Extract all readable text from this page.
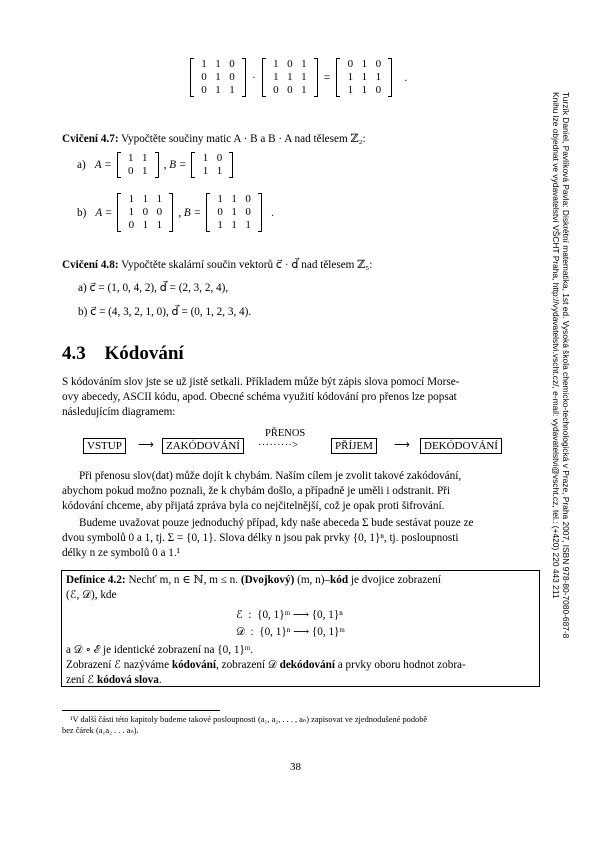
Turzík Daniel, Pavlíková Pavla: Diskrétní matematika, 1st ed. Vysoká škola chemicko-technologická v Praze, Praha 2007, ISBN 978-80-7080-687-8
Knihu lze objednat ve vydavatelství VŠCHT Praha, http://vydavatelstvi.vscht.cz/, e-mail: vydavatelstvi@vscht.cz, tel.: (+420) 220 443 211
1 1 0
0 1 0
0 1 1
·
1 0 1
1 1 1
0 0 1
=
0 1 0
1 1 1
1 1 0
.
Cvičení 4.7: Vypočtěte součiny matic A · B a B · A nad tělesem ℤ₂:
a) A =
1 1
0 1	, B =
1 0
1 1
b) A =
1 1 1
1 0 0
0 1 1
, B =
1 1 0
0 1 0
1 1 1
.
Cvičení 4.8: Vypočtěte skalární součin vektorů c⃗ · d⃗ nad tělesem ℤ₅:
a) c⃗ = (1, 0, 4, 2), d⃗ = (2, 3, 2, 4),
b) c⃗ = (4, 3, 2, 1, 0), d⃗ = (0, 1, 2, 3, 4).
4.3 Kódování
S kódováním slov jste se už jistě setkali. Příkladem může být zápis slova pomocí Morse-
ovy abecedy, ASCII kódu, apod. Obecné schéma využití kódování pro přenos lze popsat
následujícím diagramem:
VSTUP	⟶	ZAKÓDOVÁNÍ
PŘENOS
·········>	PŘÍJEM	⟶	DEKÓDOVÁNÍ
Při přenosu slov(dat) může dojít k chybám. Naším cílem je zvolit takové zakódování,
abychom pokud možno poznali, že k chybám došlo, a případně je uměli i odstranit. Při
kódování chceme, aby přijatá zpráva byla co nejčitelnější, což je opak proti šifrování.
Budeme uvažovat pouze jednoduchý případ, kdy naše abeceda Σ bude sestávat pouze ze
dvou symbolů 0 a 1, tj. Σ = {0, 1}. Slova délky n jsou pak prvky {0, 1}ⁿ, tj. posloupnosti
délky n ze symbolů 0 a 1.¹
Definice 4.2: Nechť m, n ∈ ℕ, m ≤ n. (Dvojkový) (m, n)–kód je dvojice zobrazení
(ℰ, 𝒟), kde
ℰ  :  {0, 1}ᵐ ⟶ {0, 1}ⁿ
𝒟  :  {0, 1}ⁿ ⟶ {0, 1}ᵐ
a 𝒟 ∘ ℰ je identické zobrazení na {0, 1}ᵐ.
Zobrazení ℰ nazýváme kódování, zobrazení 𝒟 dekódování a prvky oboru hodnot zobra-
zení ℰ kódová slova.
¹V další části této kapitoly budeme takové posloupnosti (a₁, a₂, . . . , aₙ) zapisovat ve zjednodušené podobě
bez čárek (a₁a₂ . . . aₙ).
38
